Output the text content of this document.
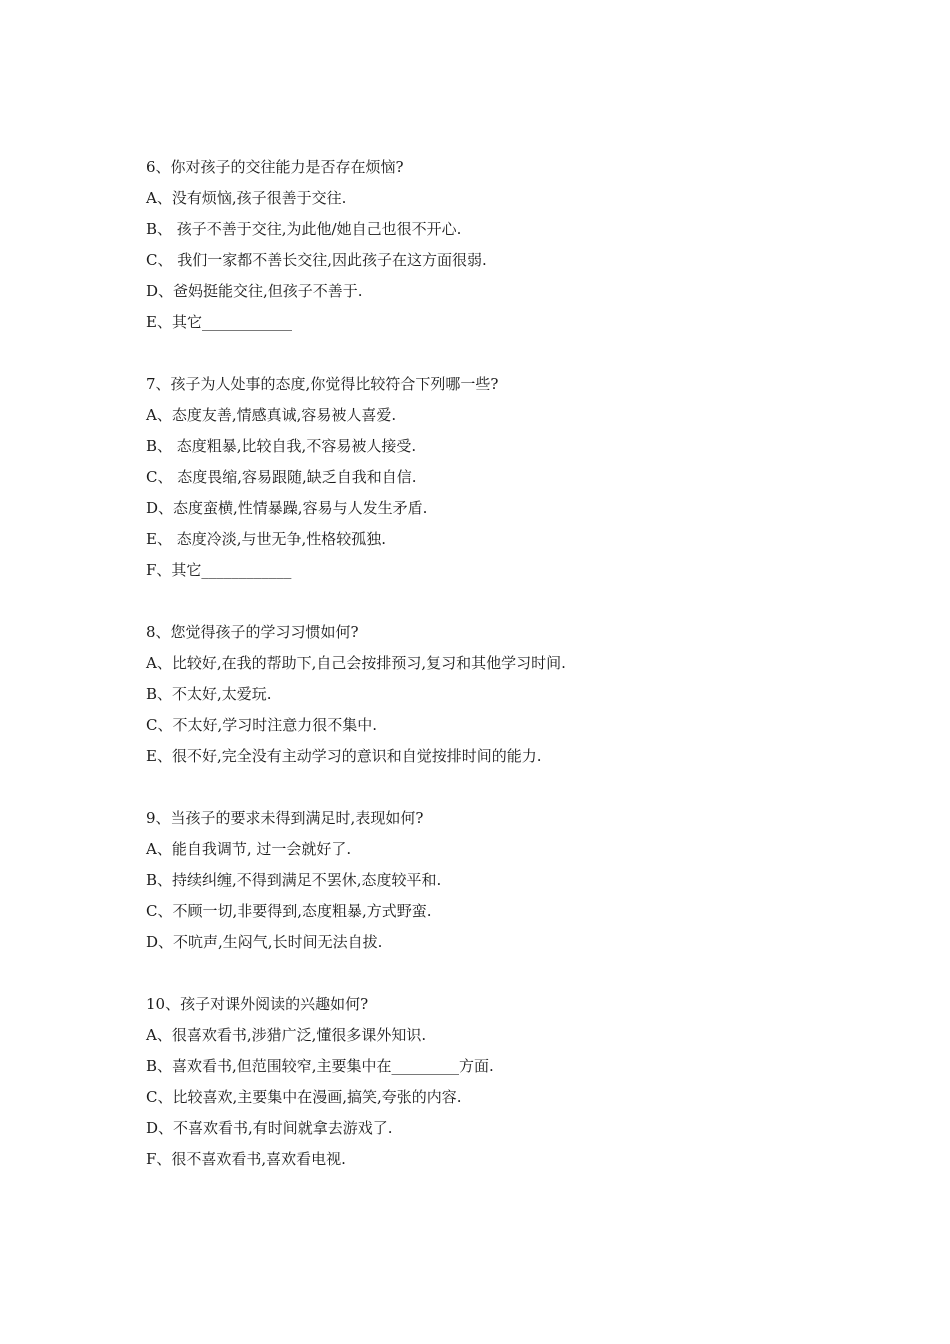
6、你对孩子的交往能力是否存在烦恼?
A、没有烦恼,孩子很善于交往.
B、 孩子不善于交往,为此他/她自己也很不开心.
C、 我们一家都不善长交往,因此孩子在这方面很弱.
D、爸妈挺能交往,但孩子不善于.
E、其它____________
7、孩子为人处事的态度,你觉得比较符合下列哪一些?
A、态度友善,情感真诚,容易被人喜爱.
B、 态度粗暴,比较自我,不容易被人接受.
C、 态度畏缩,容易跟随,缺乏自我和自信.
D、态度蛮横,性情暴躁,容易与人发生矛盾.
E、 态度冷淡,与世无争,性格较孤独.
F、其它____________
8、您觉得孩子的学习习惯如何?
A、比较好,在我的帮助下,自己会按排预习,复习和其他学习时间.
B、不太好,太爱玩.
C、不太好,学习时注意力很不集中.
E、很不好,完全没有主动学习的意识和自觉按排时间的能力.
9、当孩子的要求未得到满足时,表现如何?
A、能自我调节, 过一会就好了.
B、持续纠缠,不得到满足不罢休,态度较平和.
C、不顾一切,非要得到,态度粗暴,方式野蛮.
D、不吭声,生闷气,长时间无法自拔.
10、孩子对课外阅读的兴趣如何?
A、很喜欢看书,涉猎广泛,懂很多课外知识.
B、喜欢看书,但范围较窄,主要集中在_________方面.
C、比较喜欢,主要集中在漫画,搞笑,夸张的内容.
D、不喜欢看书,有时间就拿去游戏了.
F、很不喜欢看书,喜欢看电视.
